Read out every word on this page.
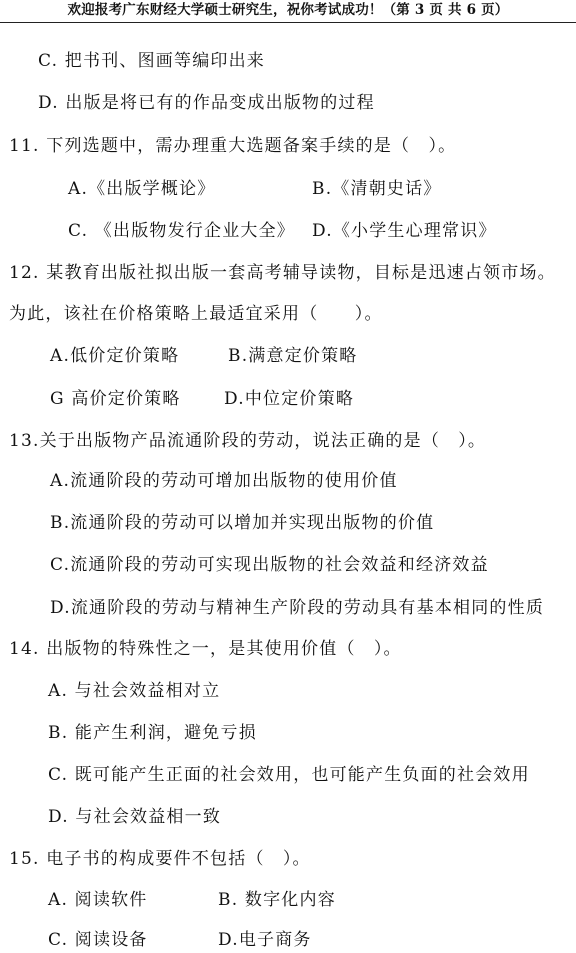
欢迎报考广东财经大学硕士研究生，祝你考试成功！（第 3 页 共 6 页）
C. 把书刊、图画等编印出来
D. 出版是将已有的作品变成出版物的过程
11. 下列选题中，需办理重大选题备案手续的是（　）。
A.《出版学概论》	B.《清朝史话》
C. 《出版物发行企业大全》 D.《小学生心理常识》
12. 某教育出版社拟出版一套高考辅导读物，目标是迅速占领市场。
为此，该社在价格策略上最适宜采用（　　）。
A.低价定价策略	B.满意定价策略
G 高价定价策略	D.中位定价策略
13.关于出版物产品流通阶段的劳动，说法正确的是（　）。
A.流通阶段的劳动可增加出版物的使用价值
B.流通阶段的劳动可以增加并实现出版物的价值
C.流通阶段的劳动可实现出版物的社会效益和经济效益
D.流通阶段的劳动与精神生产阶段的劳动具有基本相同的性质
14. 出版物的特殊性之一，是其使用价值（　）。
A. 与社会效益相对立
B. 能产生利润，避免亏损
C. 既可能产生正面的社会效用，也可能产生负面的社会效用
D. 与社会效益相一致
15. 电子书的构成要件不包括（　）。
A. 阅读软件	B. 数字化内容
C. 阅读设备	D.电子商务
